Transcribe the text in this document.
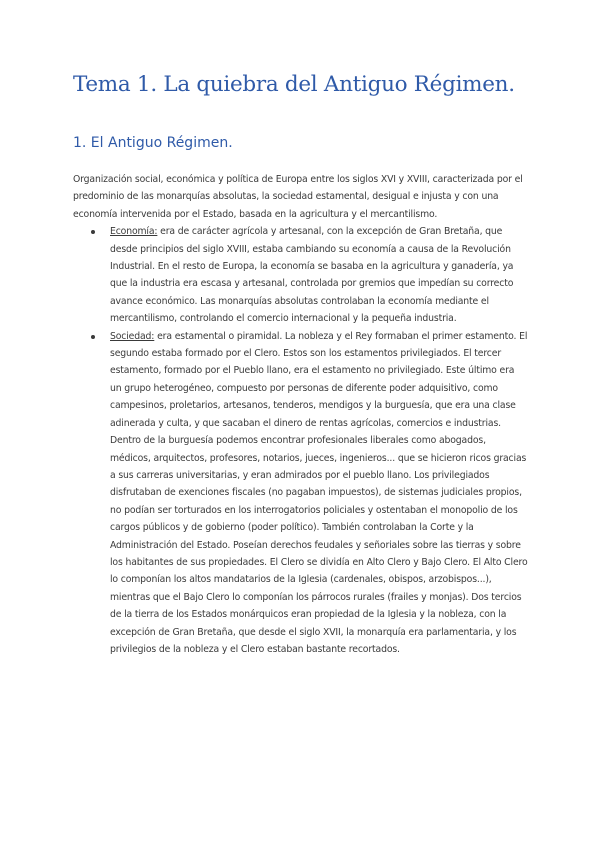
Tema 1. La quiebra del Antiguo Régimen.
1. El Antiguo Régimen.

Organización social, económica y política de Europa entre los siglos XVI y XVIII, caracterizada por el predominio de las monarquías absolutas, la sociedad estamental, desigual e injusta y con una economía intervenida por el Estado, basada en la agricultura y el mercantilismo.

Economía: era de carácter agrícola y artesanal, con la excepción de Gran Bretaña, que desde principios del siglo XVIII, estaba cambiando su economía a causa de la Revolución Industrial. En el resto de Europa, la economía se basaba en la agricultura y ganadería, ya que la industria era escasa y artesanal, controlada por gremios que impedían su correcto avance económico. Las monarquías absolutas controlaban la economía mediante el mercantilismo, controlando el comercio internacional y la pequeña industria.
Sociedad: era estamental o piramidal. La nobleza y el Rey formaban el primer estamento. El segundo estaba formado por el Clero. Estos son los estamentos privilegiados. El tercer estamento, formado por el Pueblo llano, era el estamento no privilegiado. Este último era un grupo heterogéneo, compuesto por personas de diferente poder adquisitivo, como campesinos, proletarios, artesanos, tenderos, mendigos y la burguesía, que era una clase adinerada y culta, y que sacaban el dinero de rentas agrícolas, comercios e industrias. Dentro de la burguesía podemos encontrar profesionales liberales como abogados, médicos, arquitectos, profesores, notarios, jueces, ingenieros... que se hicieron ricos gracias a sus carreras universitarias, y eran admirados por el pueblo llano. Los privilegiados disfrutaban de exenciones fiscales (no pagaban impuestos), de sistemas judiciales propios, no podían ser torturados en los interrogatorios policiales y ostentaban el monopolio de los cargos públicos y de gobierno (poder político). También controlaban la Corte y la Administración del Estado. Poseían derechos feudales y señoriales sobre las tierras y sobre los habitantes de sus propiedades. El Clero se dividía en Alto Clero y Bajo Clero. El Alto Clero lo componían los altos mandatarios de la Iglesia (cardenales, obispos, arzobispos...), mientras que el Bajo Clero lo componían los párrocos rurales (frailes y monjas). Dos tercios de la tierra de los Estados monárquicos eran propiedad de la Iglesia y la nobleza, con la excepción de Gran Bretaña, que desde el siglo XVII, la monarquía era parlamentaria, y los privilegios de la nobleza y el Clero estaban bastante recortados.
